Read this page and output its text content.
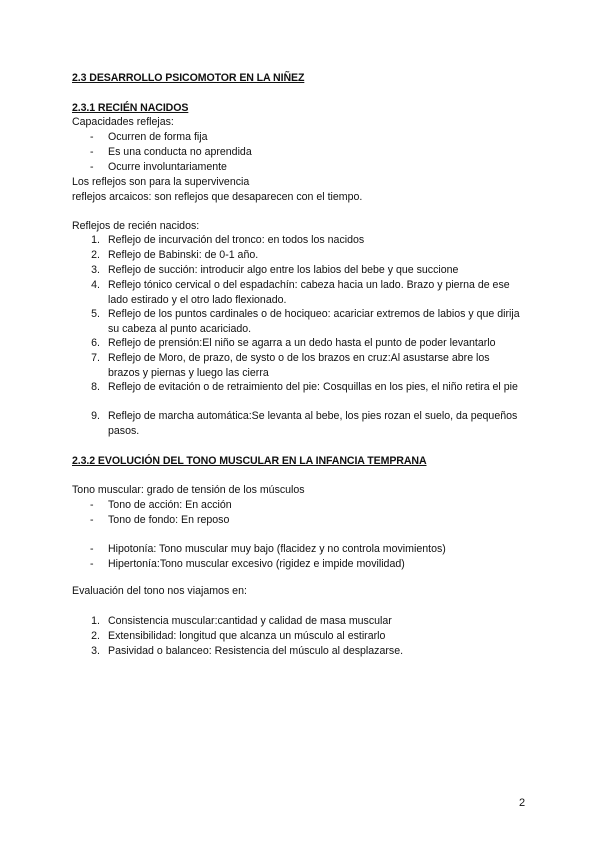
2.3 DESARROLLO PSICOMOTOR EN LA NIÑEZ
2.3.1 RECIÉN NACIDOS
Capacidades reflejas:
- Ocurren de forma fija
- Es una conducta no aprendida
- Ocurre involuntariamente
Los reflejos son para la supervivencia
reflejos arcaicos: son reflejos que desaparecen con el tiempo.
Reflejos de recién nacidos:
1. Reflejo de incurvación del tronco: en todos los nacidos
2. Reflejo de Babinski: de 0-1 año.
3. Reflejo de succión: introducir algo entre los labios del bebe y que succione
4. Reflejo tónico cervical o del espadachín: cabeza hacia un lado. Brazo y pierna de ese lado estirado y el otro lado flexionado.
5. Reflejo de los puntos cardinales o de hociqueo: acariciar extremos de labios y que dirija su cabeza al punto acariciado.
6. Reflejo de prensión:El niño se agarra a un dedo hasta el punto de poder levantarlo
7. Reflejo de Moro, de prazo, de systo o de los brazos en cruz:Al asustarse abre los brazos y piernas y luego las cierra
8. Reflejo de evitación o de retraimiento del pie: Cosquillas en los pies, el niño retira el pie
9. Reflejo de marcha automática:Se levanta al bebe, los pies rozan el suelo, da pequeños pasos.
2.3.2 EVOLUCIÓN DEL TONO MUSCULAR EN LA INFANCIA TEMPRANA
Tono muscular: grado de tensión de los músculos
- Tono de acción: En acción
- Tono de fondo: En reposo
- Hipotonía: Tono muscular muy bajo (flacidez y no controla movimientos)
- Hipertonía:Tono muscular excesivo (rigidez e impide movilidad)
Evaluación del tono nos viajamos en:
1. Consistencia muscular:cantidad y calidad de masa muscular
2. Extensibilidad: longitud que alcanza un músculo al estirarlo
3. Pasividad o balanceo: Resistencia del músculo al desplazarse.
2
